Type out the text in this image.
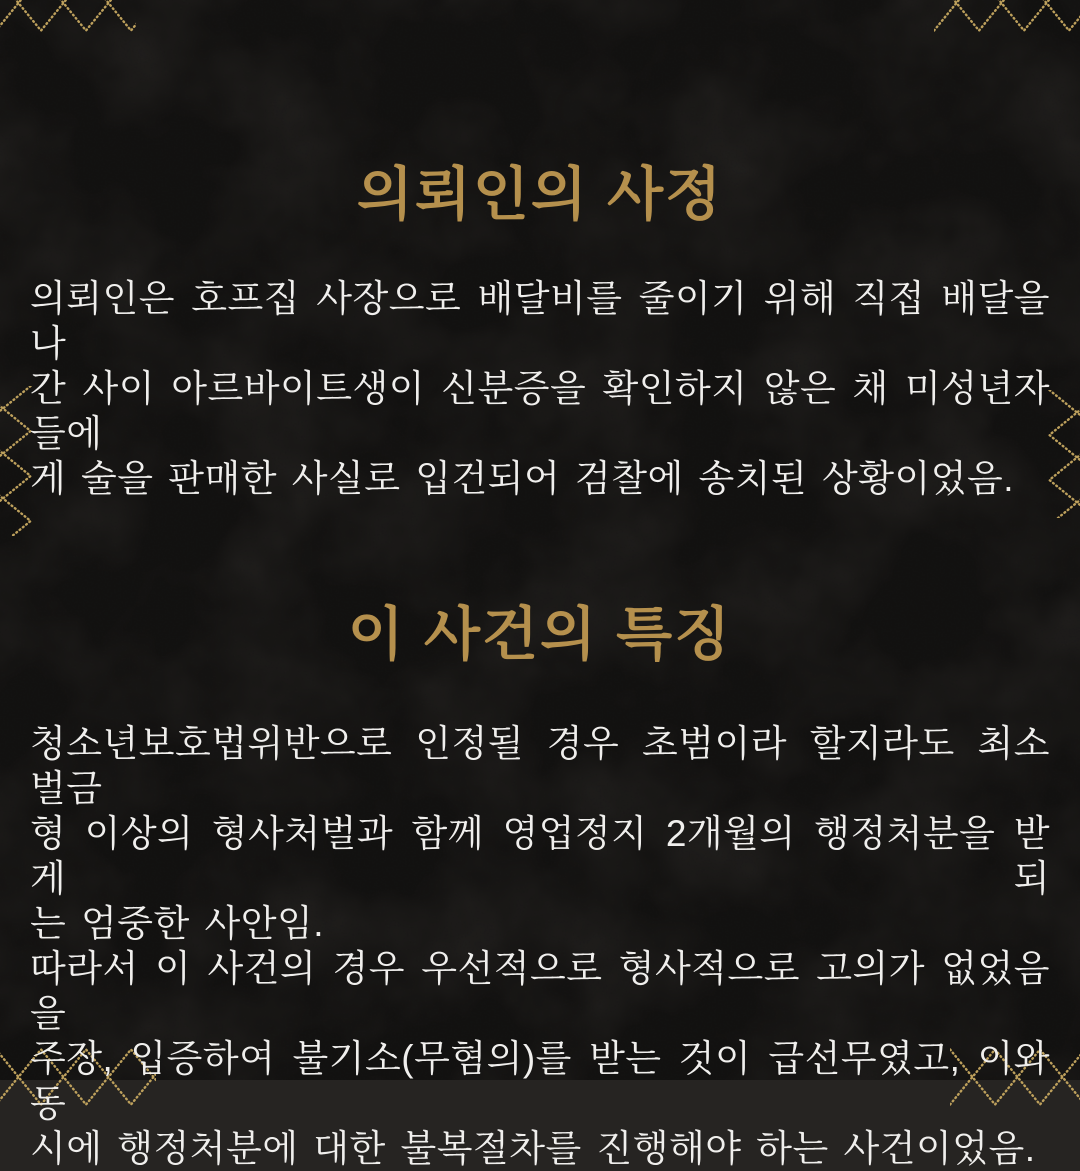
의뢰인의 사정
의뢰인은 호프집 사장으로 배달비를 줄이기 위해 직접 배달을 나
간 사이 아르바이트생이 신분증을 확인하지 않은 채 미성년자들에
게 술을 판매한 사실로 입건되어 검찰에 송치된 상황이었음.
이 사건의 특징
청소년보호법위반으로 인정될 경우 초범이라 할지라도 최소 벌금
형 이상의 형사처벌과 함께 영업정지 2개월의 행정처분을 받게 되
는 엄중한 사안임.
따라서 이 사건의 경우 우선적으로 형사적으로 고의가 없었음을
주장, 입증하여 불기소(무혐의)를 받는 것이 급선무였고, 이와 동
시에 행정처분에 대한 불복절차를 진행해야 하는 사건이었음.
